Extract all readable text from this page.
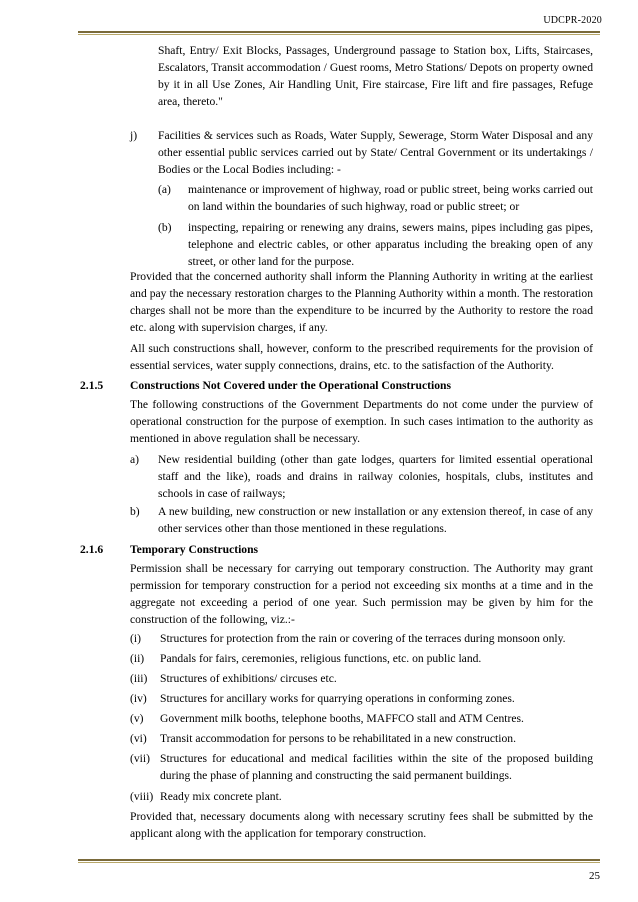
UDCPR-2020
Shaft, Entry/ Exit Blocks, Passages, Underground passage to Station box, Lifts, Staircases, Escalators, Transit accommodation / Guest rooms, Metro Stations/ Depots on property owned by it in all Use Zones, Air Handling Unit, Fire staircase, Fire lift and fire passages, Refuge area, thereto."
j) Facilities & services such as Roads, Water Supply, Sewerage, Storm Water Disposal and any other essential public services carried out by State/ Central Government or its undertakings / Bodies or the Local Bodies including: -
(a) maintenance or improvement of highway, road or public street, being works carried out on land within the boundaries of such highway, road or public street; or
(b) inspecting, repairing or renewing any drains, sewers mains, pipes including gas pipes, telephone and electric cables, or other apparatus including the breaking open of any street, or other land for the purpose.
Provided that the concerned authority shall inform the Planning Authority in writing at the earliest and pay the necessary restoration charges to the Planning Authority within a month. The restoration charges shall not be more than the expenditure to be incurred by the Authority to restore the road etc. along with supervision charges, if any.
All such constructions shall, however, conform to the prescribed requirements for the provision of essential services, water supply connections, drains, etc. to the satisfaction of the Authority.
2.1.5 Constructions Not Covered under the Operational Constructions
The following constructions of the Government Departments do not come under the purview of operational construction for the purpose of exemption. In such cases intimation to the authority as mentioned in above regulation shall be necessary.
a) New residential building (other than gate lodges, quarters for limited essential operational staff and the like), roads and drains in railway colonies, hospitals, clubs, institutes and schools in case of railways;
b) A new building, new construction or new installation or any extension thereof, in case of any other services other than those mentioned in these regulations.
2.1.6 Temporary Constructions
Permission shall be necessary for carrying out temporary construction. The Authority may grant permission for temporary construction for a period not exceeding six months at a time and in the aggregate not exceeding a period of one year. Such permission may be given by him for the construction of the following, viz.:-
(i) Structures for protection from the rain or covering of the terraces during monsoon only.
(ii) Pandals for fairs, ceremonies, religious functions, etc. on public land.
(iii) Structures of exhibitions/ circuses etc.
(iv) Structures for ancillary works for quarrying operations in conforming zones.
(v) Government milk booths, telephone booths, MAFFCO stall and ATM Centres.
(vi) Transit accommodation for persons to be rehabilitated in a new construction.
(vii) Structures for educational and medical facilities within the site of the proposed building during the phase of planning and constructing the said permanent buildings.
(viii) Ready mix concrete plant.
Provided that, necessary documents along with necessary scrutiny fees shall be submitted by the applicant along with the application for temporary construction.
25
